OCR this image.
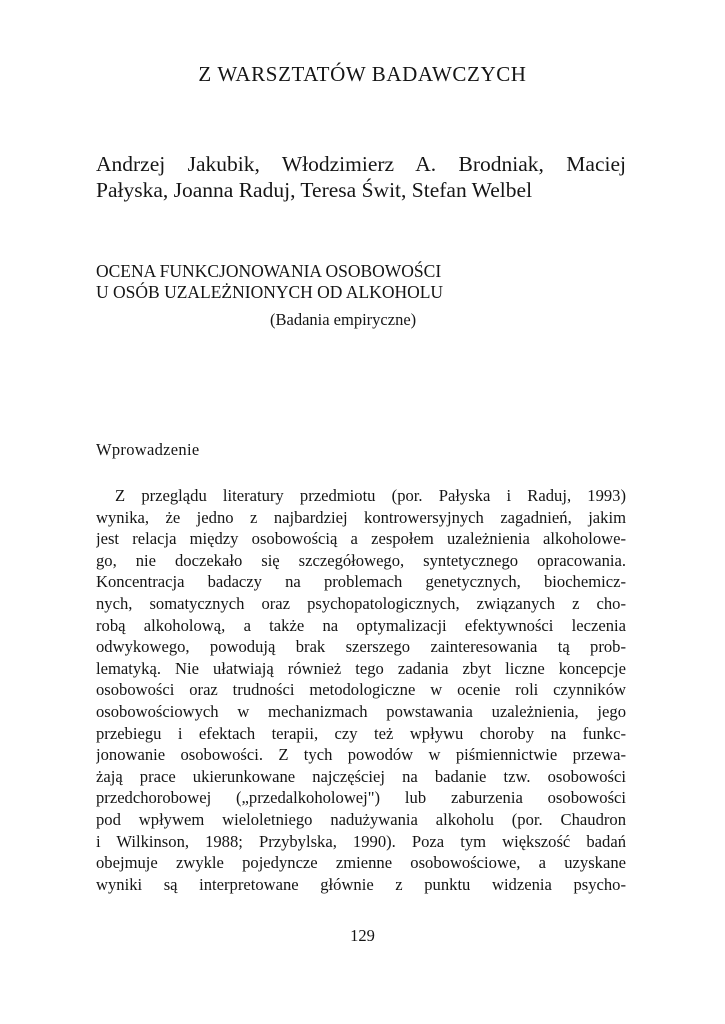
Z WARSZTATÓW BADAWCZYCH

Andrzej Jakubik, Włodzimierz A. Brodniak, Maciej
Pałyska, Joanna Raduj, Teresa Świt, Stefan Welbel

OCENA FUNKCJONOWANIA OSOBOWOŚCI
U OSÓB UZALEŻNIONYCH OD ALKOHOLU
(Badania empiryczne)
Wprowadzenie

Z przeglądu literatury przedmiotu (por. Pałyska i Raduj, 1993)
wynika, że jedno z najbardziej kontrowersyjnych zagadnień, jakim
jest relacja między osobowością a zespołem uzależnienia alkoholowe-
go, nie doczekało się szczegółowego, syntetycznego opracowania.
Koncentracja badaczy na problemach genetycznych, biochemicz-
nych, somatycznych oraz psychopatologicznych, związanych z cho-
robą alkoholową, a także na optymalizacji efektywności leczenia
odwykowego, powodują brak szerszego zainteresowania tą prob-
lematyką. Nie ułatwiają również tego zadania zbyt liczne koncepcje
osobowości oraz trudności metodologiczne w ocenie roli czynników
osobowościowych w mechanizmach powstawania uzależnienia, jego
przebiegu i efektach terapii, czy też wpływu choroby na funkc-
jonowanie osobowości. Z tych powodów w piśmiennictwie przewa-
żają prace ukierunkowane najczęściej na badanie tzw. osobowości
przedchorobowej („przedalkoholowej") lub zaburzenia osobowości
pod wpływem wieloletniego nadużywania alkoholu (por. Chaudron
i Wilkinson, 1988; Przybylska, 1990). Poza tym większość badań
obejmuje zwykle pojedyncze zmienne osobowościowe, a uzyskane
wyniki są interpretowane głównie z punktu widzenia psycho-

129
